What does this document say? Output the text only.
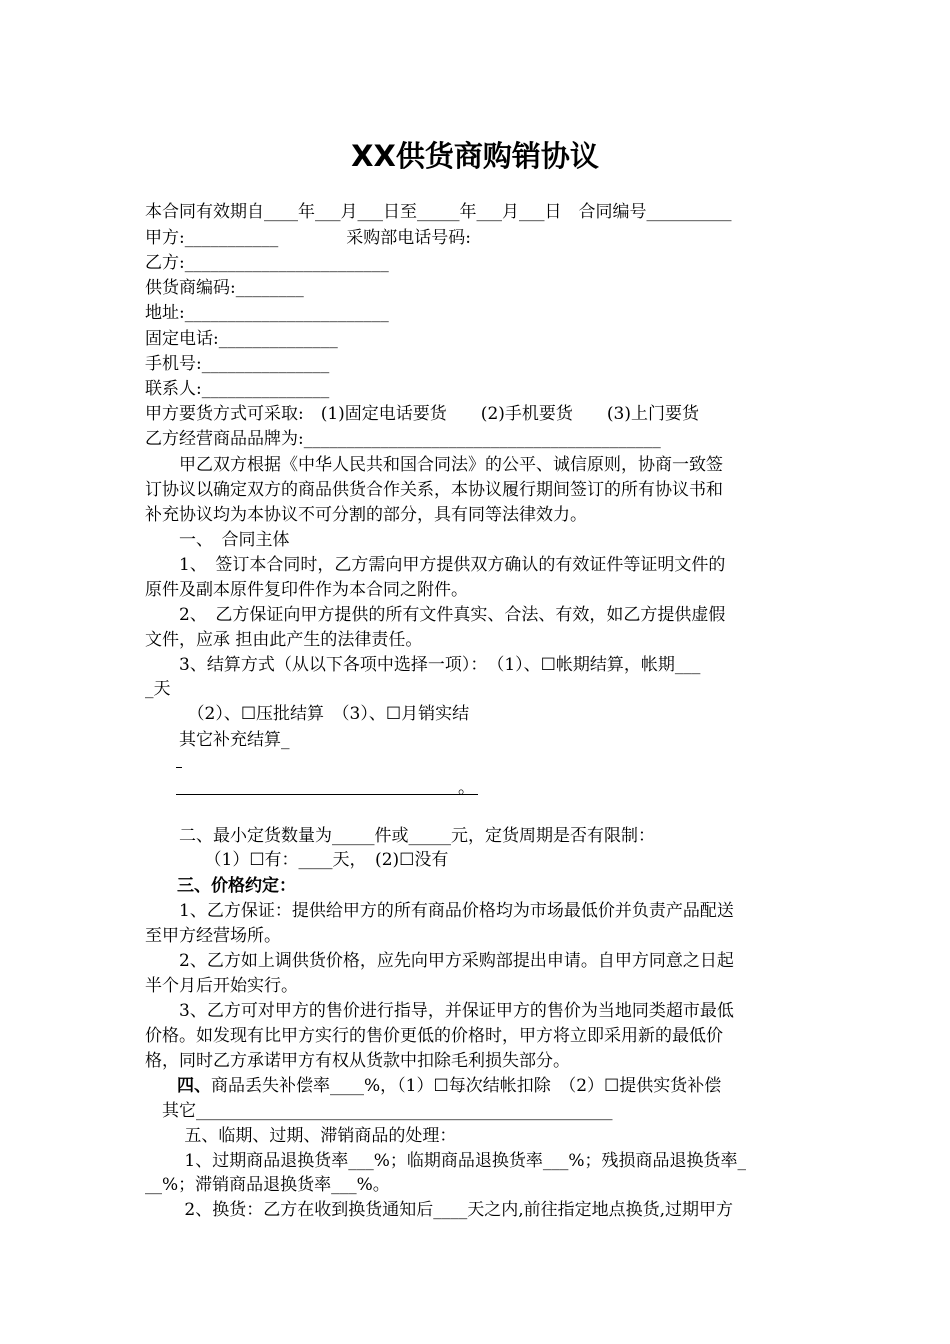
XX供货商购销协议
本合同有效期自____年___月___日至_____年___月___日　合同编号__________
甲方:___________　　　　采购部电话号码:
乙方:________________________
供货商编码:________
地址:________________________
固定电话:______________
手机号:_______________
联系人:_______________
甲方要货方式可采取:　(1)固定电话要货　　(2)手机要货　　(3)上门要货
乙方经营商品品牌为:__________________________________________
　　甲乙双方根据《中华人民共和国合同法》的公平、诚信原则，协商一致签
订协议以确定双方的商品供货合作关系，本协议履行期间签订的所有协议书和
补充协议均为本协议不可分割的部分，具有同等法律效力。
　　一、　合同主体
　　1、　签订本合同时，乙方需向甲方提供双方确认的有效证件等证明文件的
原件及副本原件复印件作为本合同之附件。
　　2、　乙方保证向甲方提供的所有文件真实、合法、有效，如乙方提供虚假
文件，应承 担由此产生的法律责任。
　　3、结算方式（从以下各项中选择一项）：　（1）、☐帐期结算，帐期___
_天
　　　（2）、☐压批结算　（3）、☐月销实结
　　其它补充结算_
。
　　二、最小定货数量为_____件或_____元，定货周期是否有限制：
　　　　（1）☐有：____天，　(2)☐没有
三、价格约定：
　　1、乙方保证：提供给甲方的所有商品价格均为市场最低价并负责产品配送
至甲方经营场所。
　　2、乙方如上调供货价格，应先向甲方采购部提出申请。自甲方同意之日起
半个月后开始实行。
　　3、乙方可对甲方的售价进行指导，并保证甲方的售价为当地同类超市最低
价格。如发现有比甲方实行的售价更低的价格时，甲方将立即采用新的最低价
格，同时乙方承诺甲方有权从货款中扣除毛利损失部分。
四、 商品丢失补偿率____%，（1）☐每次结帐扣除　（2）☐提供实货补偿
　其它_________________________________________________
　　 五、临期、过期、滞销商品的处理：
　　 1、过期商品退换货率___%；临期商品退换货率___%；残损商品退换货率_
__%；滞销商品退换货率___%。
　　 2、换货：乙方在收到换货通知后____天之内,前往指定地点换货,过期甲方
